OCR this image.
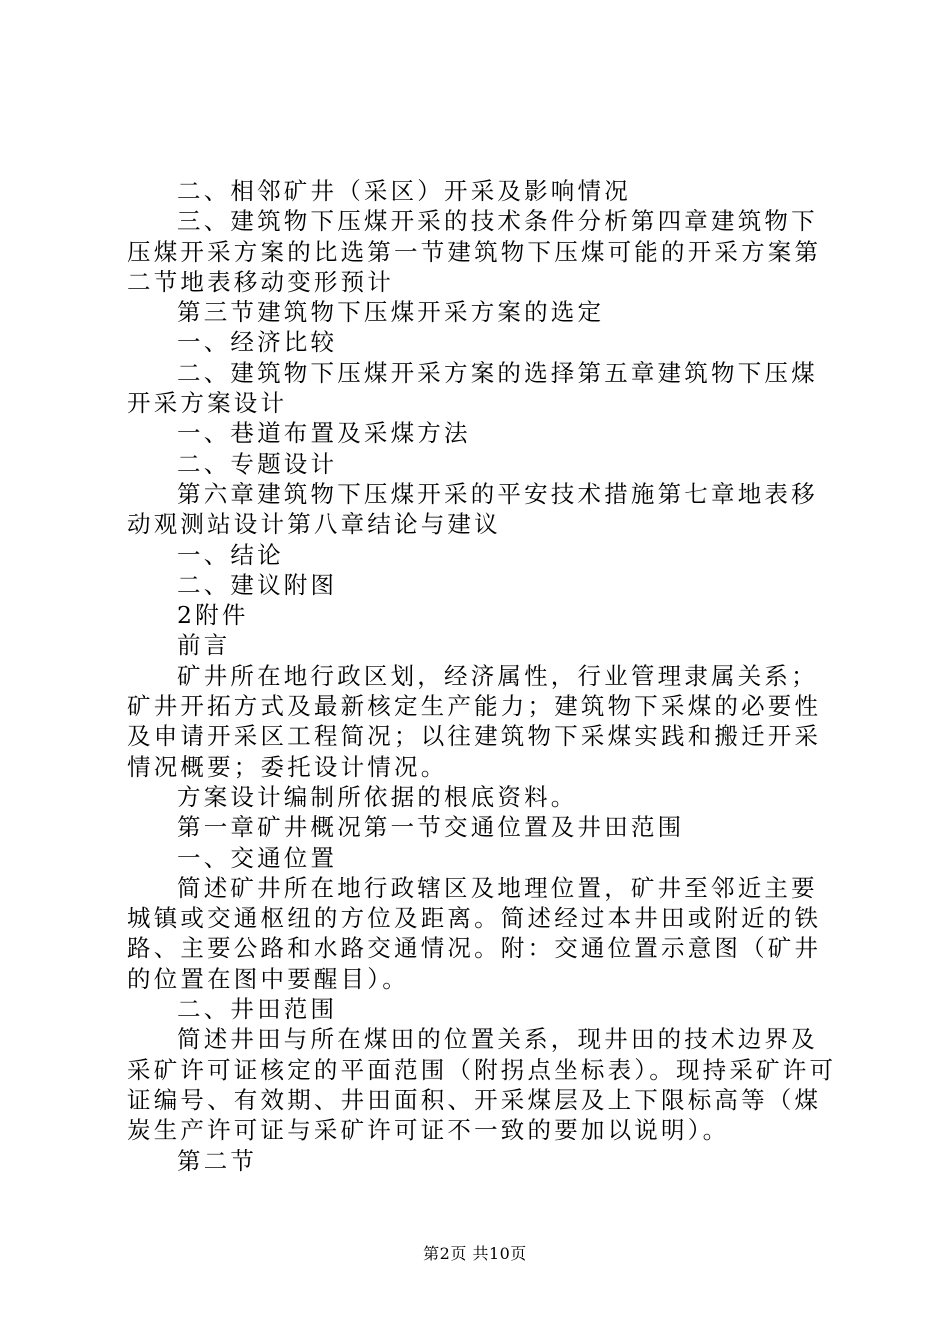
二、相邻矿井（采区）开采及影响情况

三、建筑物下压煤开采的技术条件分析第四章建筑物下压煤开采方案的比选第一节建筑物下压煤可能的开采方案第二节地表移动变形预计

第三节建筑物下压煤开采方案的选定

一、经济比较

二、建筑物下压煤开采方案的选择第五章建筑物下压煤开采方案设计

一、巷道布置及采煤方法

二、专题设计

第六章建筑物下压煤开采的平安技术措施第七章地表移动观测站设计第八章结论与建议

一、结论

二、建议附图

2附件

前言

矿井所在地行政区划，经济属性，行业管理隶属关系；矿井开拓方式及最新核定生产能力；建筑物下采煤的必要性及申请开采区工程简况；以往建筑物下采煤实践和搬迁开采情况概要；委托设计情况。

方案设计编制所依据的根底资料。

第一章矿井概况第一节交通位置及井田范围

一、交通位置

简述矿井所在地行政辖区及地理位置，矿井至邻近主要城镇或交通枢纽的方位及距离。简述经过本井田或附近的铁路、主要公路和水路交通情况。附：交通位置示意图（矿井的位置在图中要醒目）。

二、井田范围

简述井田与所在煤田的位置关系，现井田的技术边界及采矿许可证核定的平面范围（附拐点坐标表）。现持采矿许可证编号、有效期、井田面积、开采煤层及上下限标高等（煤炭生产许可证与采矿许可证不一致的要加以说明）。

第二节

第2页 共10页
